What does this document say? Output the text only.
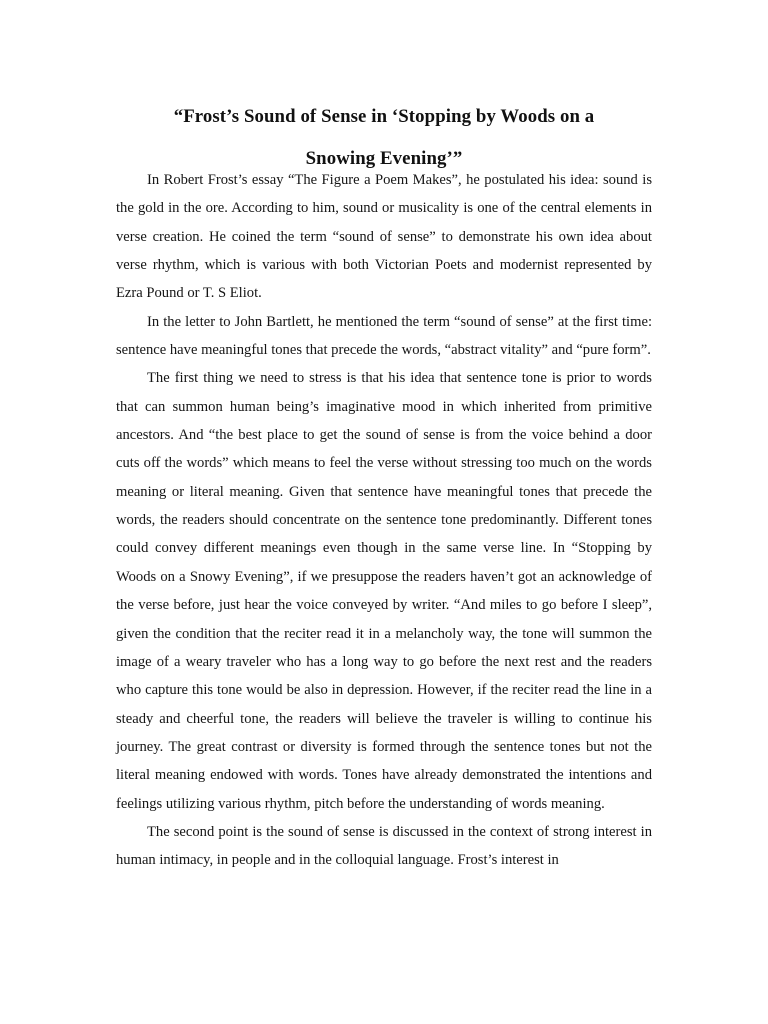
“Frost’s Sound of Sense in ‘Stopping by Woods on a
Snowing Evening’”

In Robert Frost’s essay “The Figure a Poem Makes”, he postulated his idea: sound is the gold in the ore. According to him, sound or musicality is one of the central elements in verse creation. He coined the term “sound of sense” to demonstrate his own idea about verse rhythm, which is various with both Victorian Poets and modernist represented by Ezra Pound or T. S Eliot.

In the letter to John Bartlett, he mentioned the term “sound of sense” at the first time: sentence have meaningful tones that precede the words, “abstract vitality” and “pure form”.

The first thing we need to stress is that his idea that sentence tone is prior to words that can summon human being’s imaginative mood in which inherited from primitive ancestors. And “the best place to get the sound of sense is from the voice behind a door cuts off the words” which means to feel the verse without stressing too much on the words meaning or literal meaning. Given that sentence have meaningful tones that precede the words, the readers should concentrate on the sentence tone predominantly. Different tones could convey different meanings even though in the same verse line. In “Stopping by Woods on a Snowy Evening”, if we presuppose the readers haven’t got an acknowledge of the verse before, just hear the voice conveyed by writer. “And miles to go before I sleep”, given the condition that the reciter read it in a melancholy way, the tone will summon the image of a weary traveler who has a long way to go before the next rest and the readers who capture this tone would be also in depression. However, if the reciter read the line in a steady and cheerful tone, the readers will believe the traveler is willing to continue his journey. The great contrast or diversity is formed through the sentence tones but not the literal meaning endowed with words. Tones have already demonstrated the intentions and feelings utilizing various rhythm, pitch before the understanding of words meaning.

The second point is the sound of sense is discussed in the context of strong interest in human intimacy, in people and in the colloquial language. Frost’s interest in
